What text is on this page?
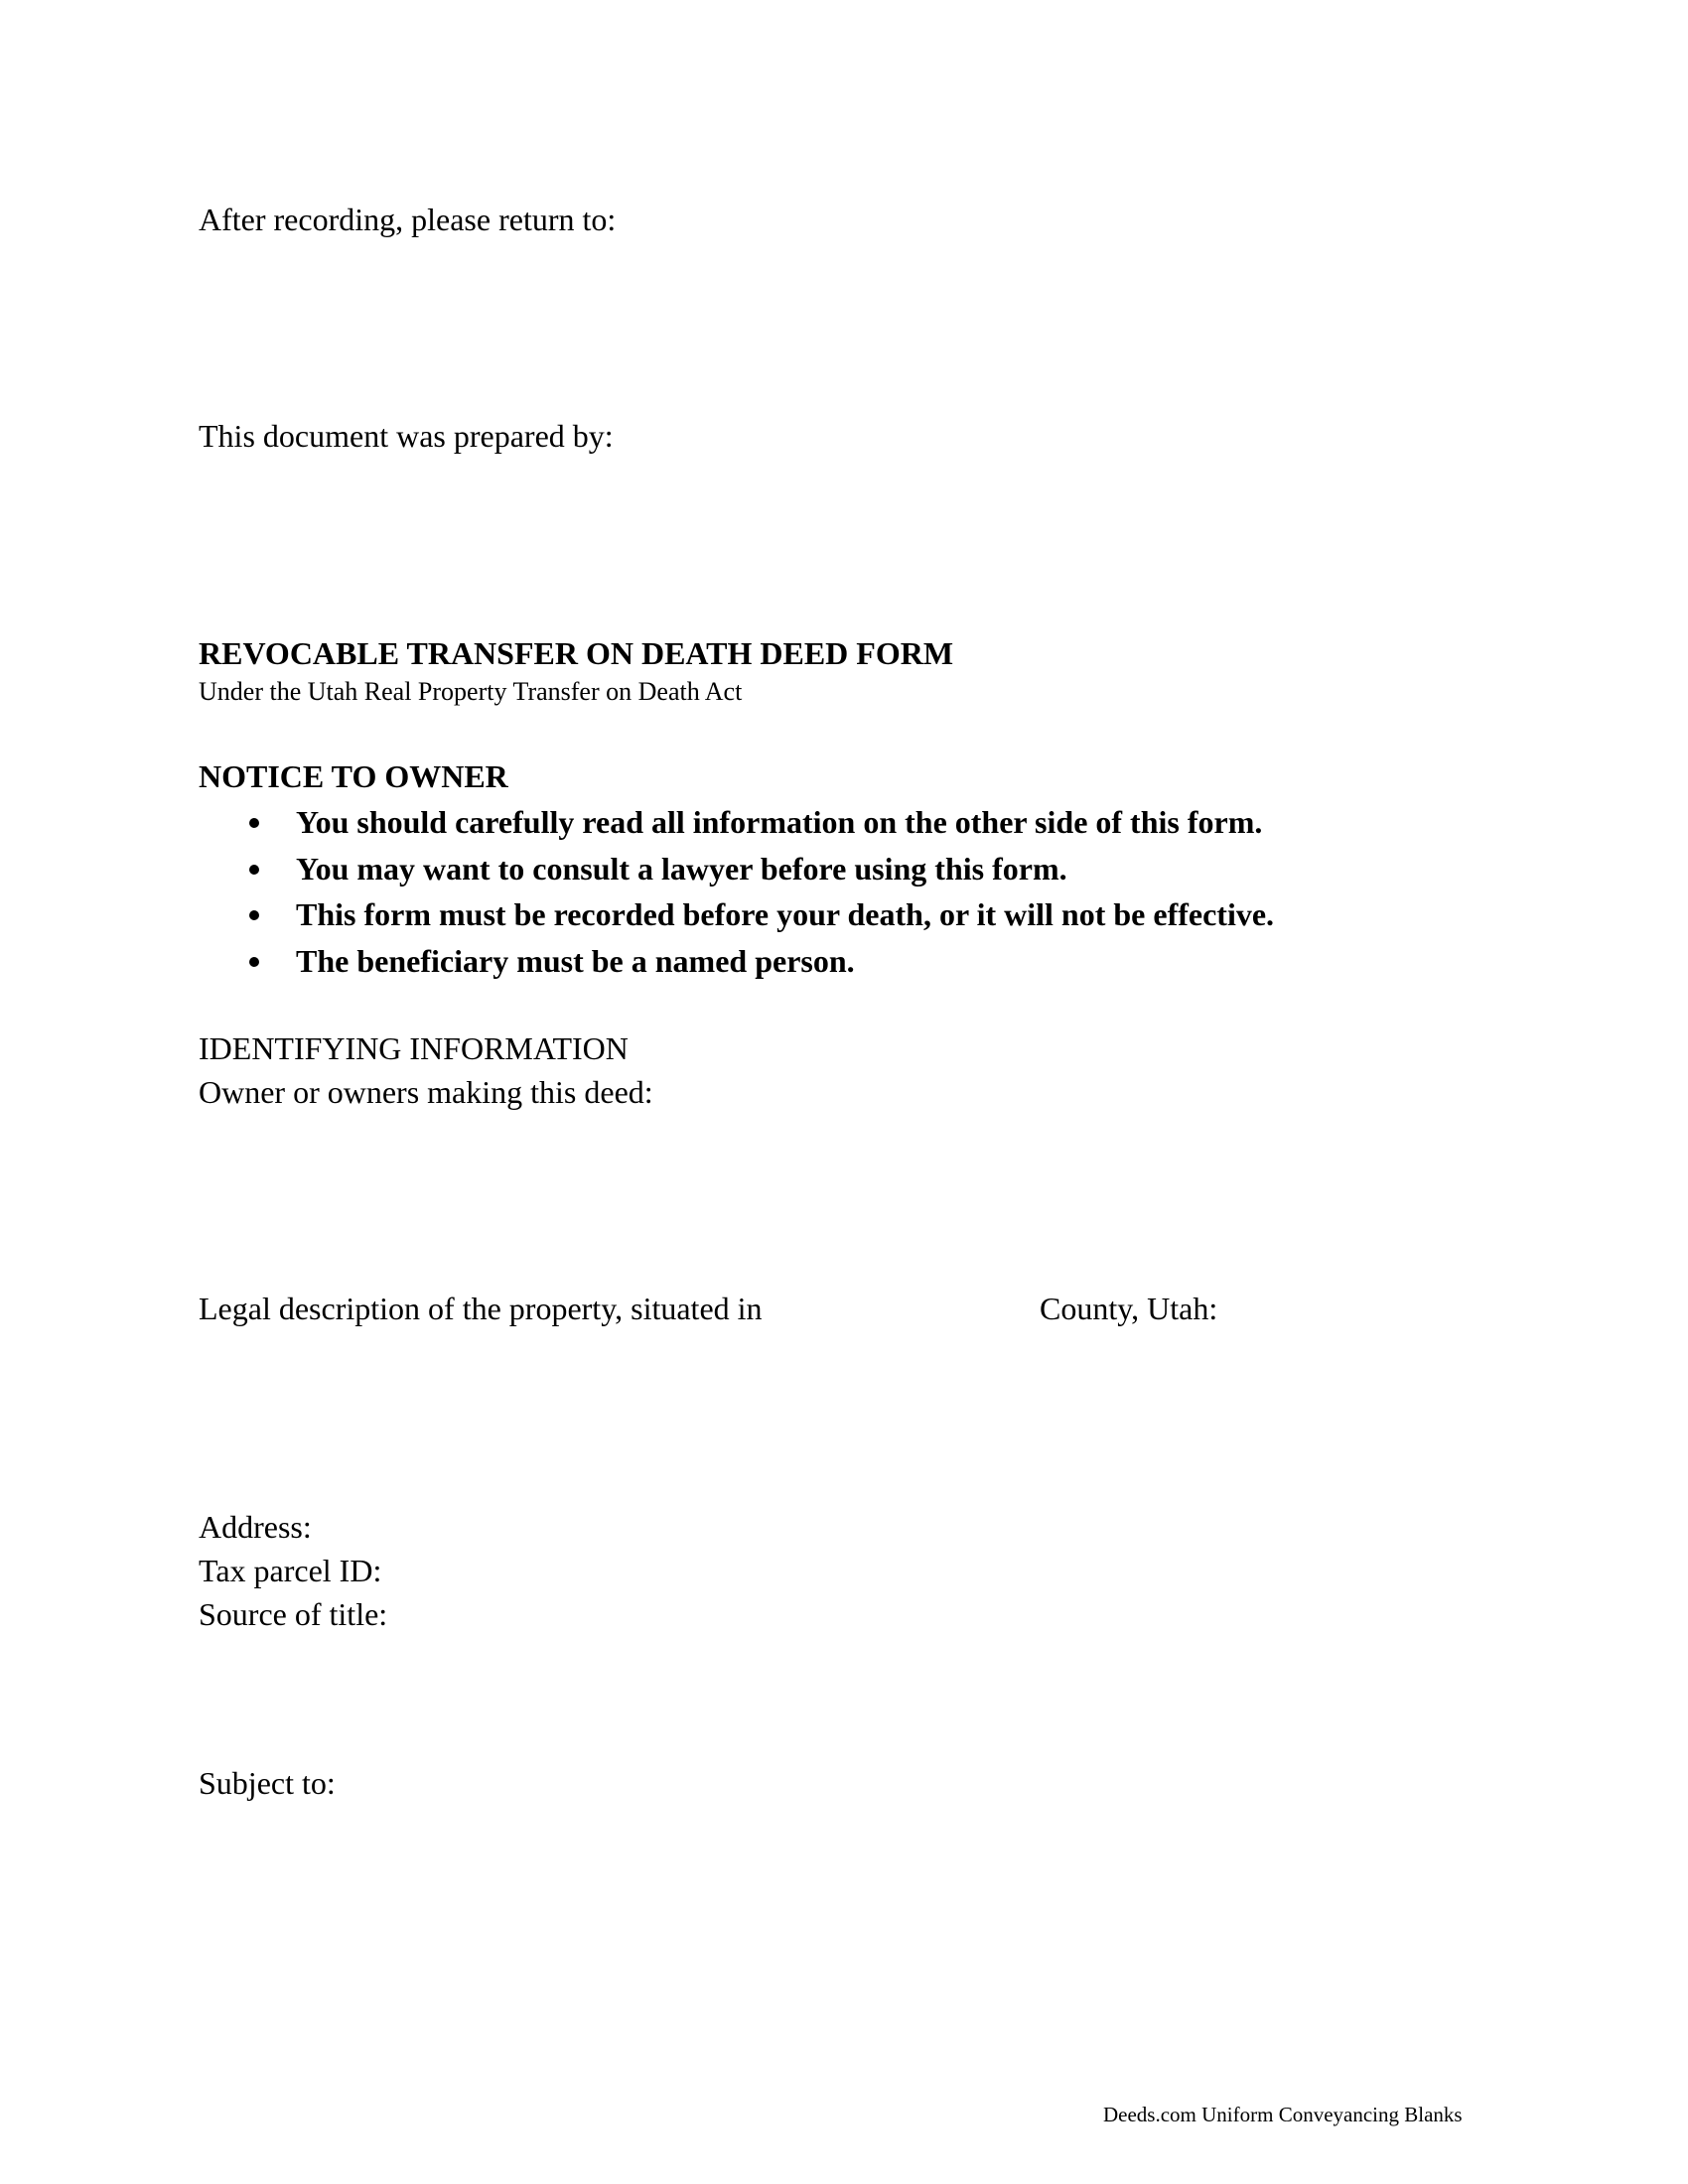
After recording, please return to:
This document was prepared by:
REVOCABLE TRANSFER ON DEATH DEED FORM
Under the Utah Real Property Transfer on Death Act
NOTICE TO OWNER
You should carefully read all information on the other side of this form.
You may want to consult a lawyer before using this form.
This form must be recorded before your death, or it will not be effective.
The beneficiary must be a named person.
IDENTIFYING INFORMATION
Owner or owners making this deed:
Legal description of the property, situated in	County, Utah:
Address:
Tax parcel ID:
Source of title:
Subject to:
Deeds.com Uniform Conveyancing Blanks
